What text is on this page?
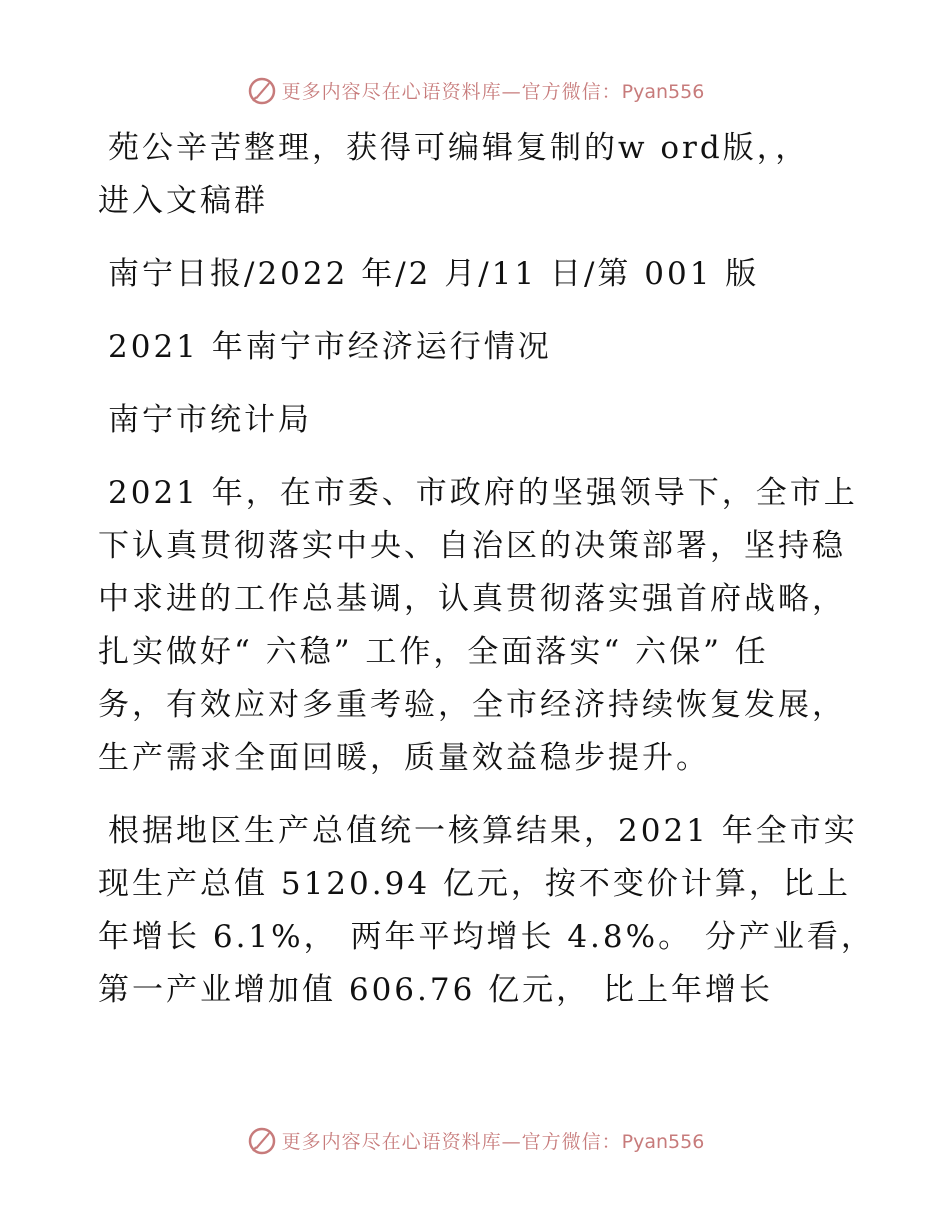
更多内容尽在心语资料库—官方微信：Pyan556

苑公辛苦整理，获得可编辑复制的w ord版，，
进入文稿群

南宁日报/2022 年/2 月/11 日/第 001 版

2021 年南宁市经济运行情况

南宁市统计局

2021 年，在市委、市政府的坚强领导下，全市上
下认真贯彻落实中央、自治区的决策部署，坚持稳
中求进的工作总基调，认真贯彻落实强首府战略，
扎实做好“ 六稳” 工作，全面落实“ 六保” 任
务，有效应对多重考验，全市经济持续恢复发展，
生产需求全面回暖，质量效益稳步提升。

根据地区生产总值统一核算结果，2021 年全市实
现生产总值 5120.94 亿元，按不变价计算，比上
年增长 6.1%， 两年平均增长 4.8%。 分产业看，
第一产业增加值 606.76 亿元， 比上年增长

更多内容尽在心语资料库—官方微信：Pyan556
